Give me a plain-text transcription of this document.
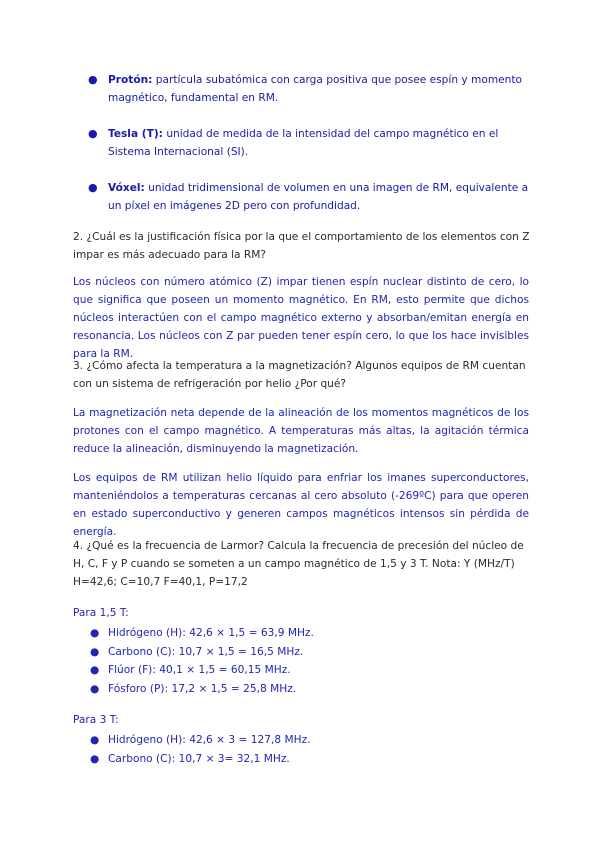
● Protón: partícula subatómica con carga positiva que posee espín y momento magnético, fundamental en RM.
● Tesla (T): unidad de medida de la intensidad del campo magnético en el Sistema Internacional (SI).
● Vóxel: unidad tridimensional de volumen en una imagen de RM, equivalente a un píxel en imágenes 2D pero con profundidad.
2. ¿Cuál es la justificación física por la que el comportamiento de los elementos con Z impar es más adecuado para la RM?
Los núcleos con número atómico (Z) impar tienen espín nuclear distinto de cero, lo que significa que poseen un momento magnético. En RM, esto permite que dichos núcleos interactúen con el campo magnético externo y absorban/emitan energía en resonancia. Los núcleos con Z par pueden tener espín cero, lo que los hace invisibles para la RM.
3. ¿Cómo afecta la temperatura a la magnetización? Algunos equipos de RM cuentan con un sistema de refrigeración por helio ¿Por qué?
La magnetización neta depende de la alineación de los momentos magnéticos de los protones con el campo magnético. A temperaturas más altas, la agitación térmica reduce la alineación, disminuyendo la magnetización.
Los equipos de RM utilizan helio líquido para enfriar los imanes superconductores, manteniéndolos a temperaturas cercanas al cero absoluto (-269ºC) para que operen en estado superconductivo y generen campos magnéticos intensos sin pérdida de energía.
4. ¿Qué es la frecuencia de Larmor? Calcula la frecuencia de precesión del núcleo de H, C, F y P cuando se someten a un campo magnético de 1,5 y 3 T. Nota: Υ (MHz/T) H=42,6; C=10,7 F=40,1, P=17,2
Para 1,5 T:
● Hidrógeno (H): 42,6 × 1,5 = 63,9 MHz.
● Carbono (C): 10,7 × 1,5 = 16,5 MHz.
● Flúor (F): 40,1 × 1,5 = 60,15 MHz.
● Fósforo (P): 17,2 × 1,5 = 25,8 MHz.
Para 3 T:
● Hidrógeno (H): 42,6 × 3 = 127,8 MHz.
● Carbono (C): 10,7 × 3= 32,1 MHz.
